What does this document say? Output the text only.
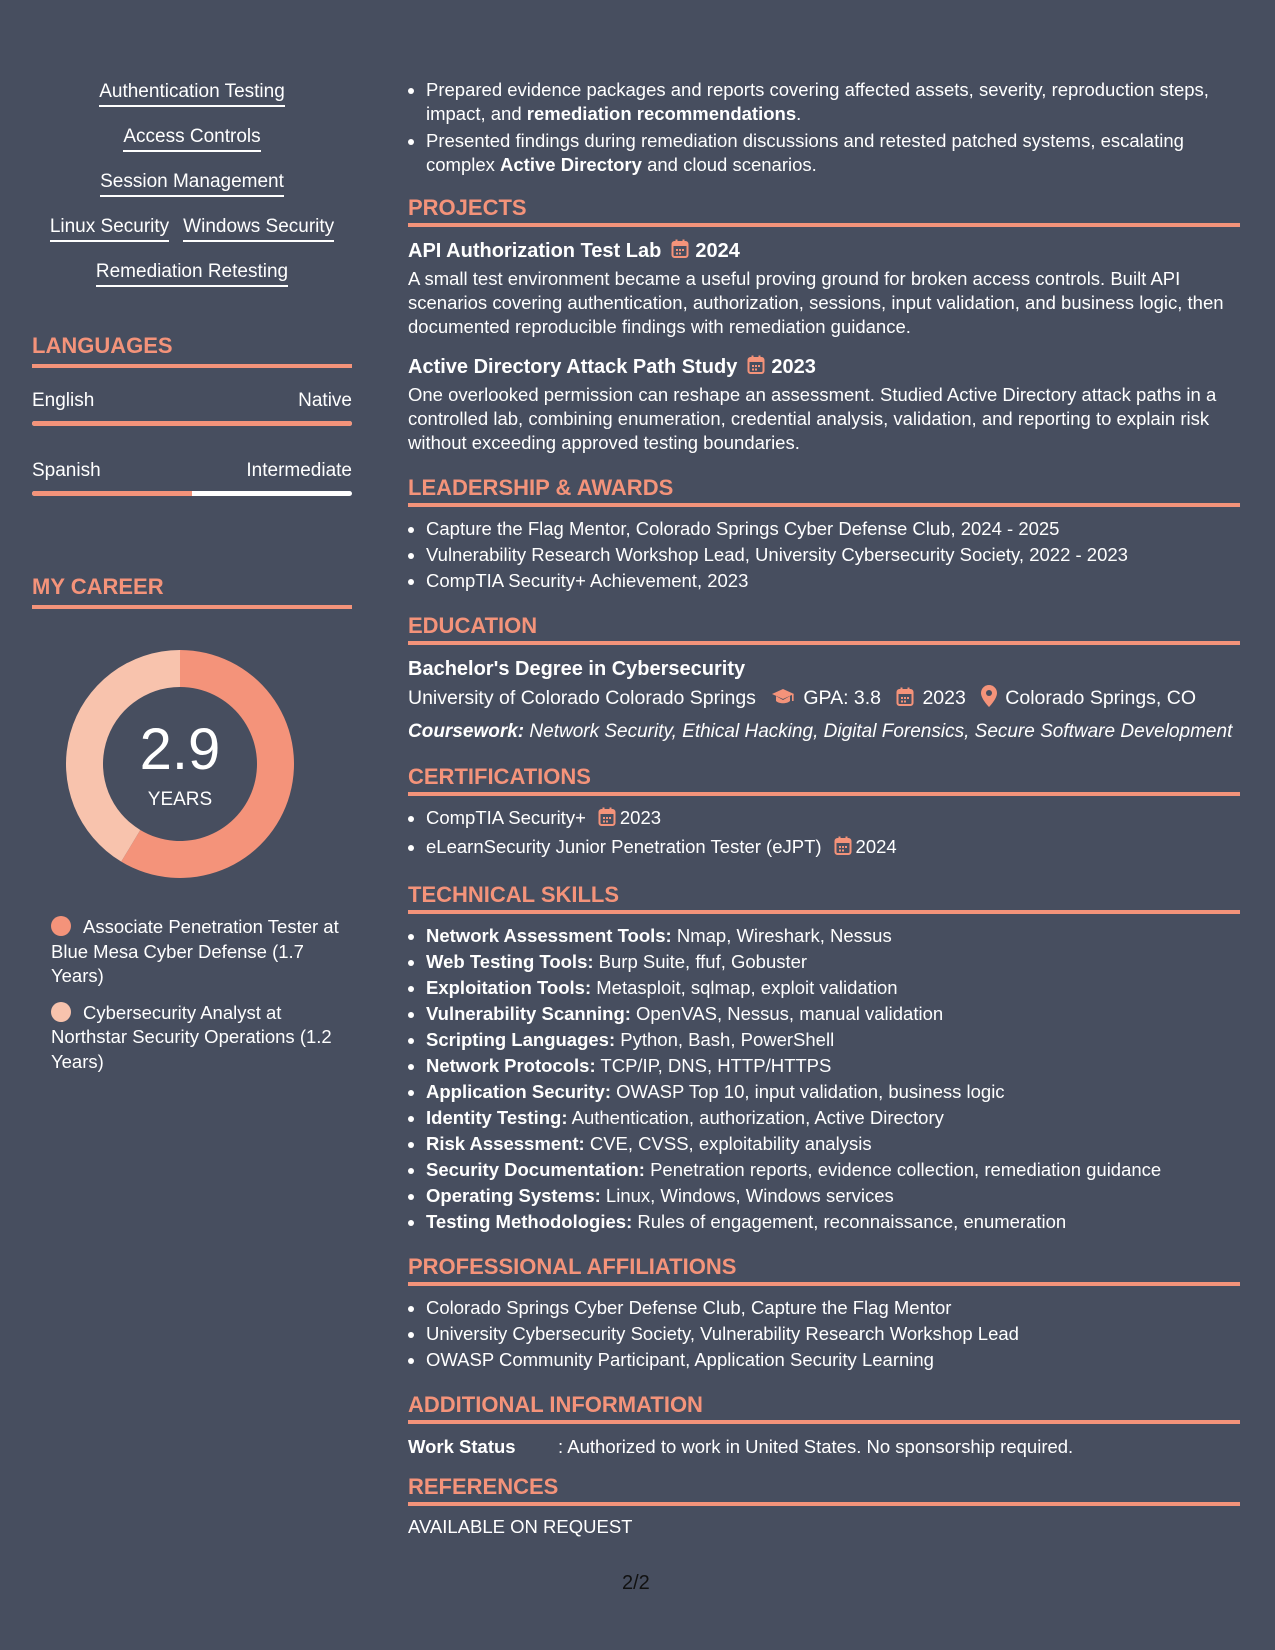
Authentication Testing
Access Controls
Session Management
Linux Security Windows Security
Remediation Retesting
LANGUAGES
English	Native
Spanish	Intermediate
MY CAREER
2.9
YEARS
Associate Penetration Tester at Blue Mesa Cyber Defense (1.7 Years)
Cybersecurity Analyst at Northstar Security Operations (1.2 Years)
• Prepared evidence packages and reports covering affected assets, severity, reproduction steps, impact, and remediation recommendations.
• Presented findings during remediation discussions and retested patched systems, escalating complex Active Directory and cloud scenarios.
PROJECTS
API Authorization Test Lab 2024
A small test environment became a useful proving ground for broken access controls. Built API scenarios covering authentication, authorization, sessions, input validation, and business logic, then documented reproducible findings with remediation guidance.
Active Directory Attack Path Study 2023
One overlooked permission can reshape an assessment. Studied Active Directory attack paths in a controlled lab, combining enumeration, credential analysis, validation, and reporting to explain risk without exceeding approved testing boundaries.
LEADERSHIP & AWARDS
• Capture the Flag Mentor, Colorado Springs Cyber Defense Club, 2024 - 2025
• Vulnerability Research Workshop Lead, University Cybersecurity Society, 2022 - 2023
• CompTIA Security+ Achievement, 2023
EDUCATION
Bachelor's Degree in Cybersecurity
University of Colorado Colorado Springs GPA: 3.8 2023 Colorado Springs, CO
Coursework: Network Security, Ethical Hacking, Digital Forensics, Secure Software Development
CERTIFICATIONS
• CompTIA Security+ 2023
• eLearnSecurity Junior Penetration Tester (eJPT) 2024
TECHNICAL SKILLS
• Network Assessment Tools: Nmap, Wireshark, Nessus
• Web Testing Tools: Burp Suite, ffuf, Gobuster
• Exploitation Tools: Metasploit, sqlmap, exploit validation
• Vulnerability Scanning: OpenVAS, Nessus, manual validation
• Scripting Languages: Python, Bash, PowerShell
• Network Protocols: TCP/IP, DNS, HTTP/HTTPS
• Application Security: OWASP Top 10, input validation, business logic
• Identity Testing: Authentication, authorization, Active Directory
• Risk Assessment: CVE, CVSS, exploitability analysis
• Security Documentation: Penetration reports, evidence collection, remediation guidance
• Operating Systems: Linux, Windows, Windows services
• Testing Methodologies: Rules of engagement, reconnaissance, enumeration
PROFESSIONAL AFFILIATIONS
• Colorado Springs Cyber Defense Club, Capture the Flag Mentor
• University Cybersecurity Society, Vulnerability Research Workshop Lead
• OWASP Community Participant, Application Security Learning
ADDITIONAL INFORMATION
Work Status : Authorized to work in United States. No sponsorship required.
REFERENCES
AVAILABLE ON REQUEST
2/2
